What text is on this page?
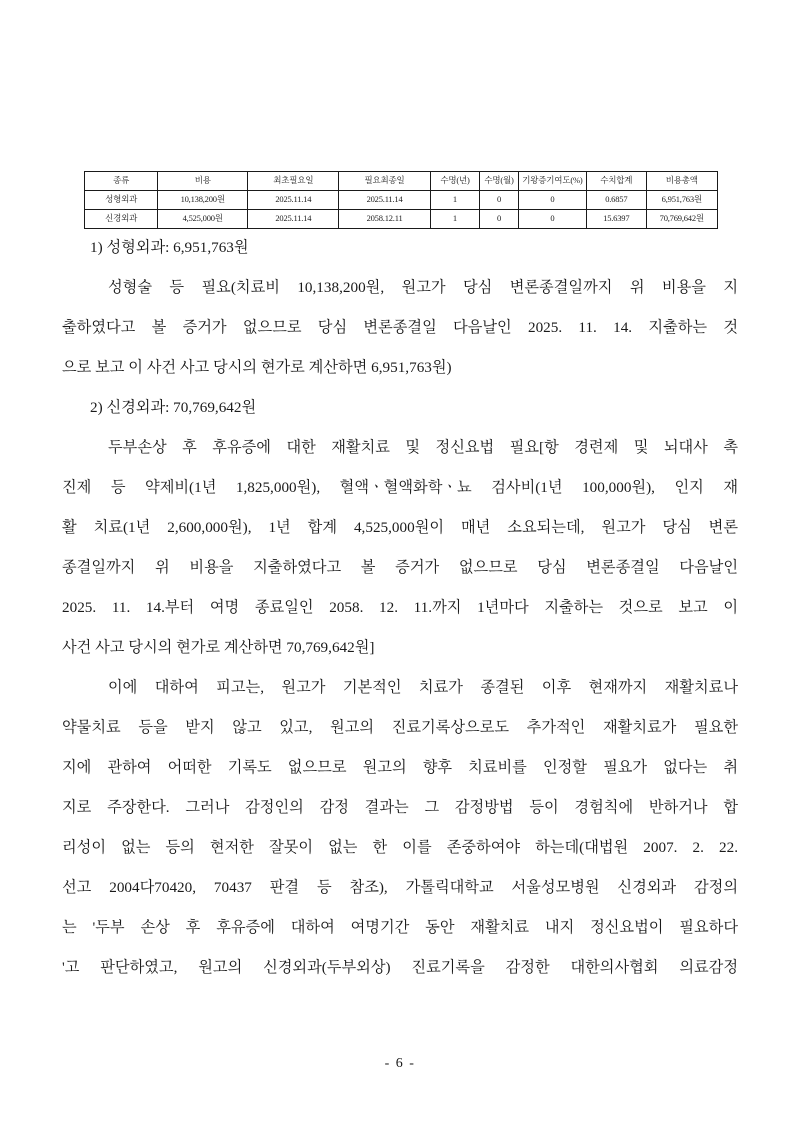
종류	비용	최초필요일	필요최종일	수명(년)	수명(월)	기왕증기여도(%)	수치합계	비용총액
성형외과	10,138,200원	2025.11.14	2025.11.14	1	0	0	0.6857	6,951,763원
신경외과	4,525,000원	2025.11.14	2058.12.11	1	0	0	15.6397	70,769,642원

1) 성형외과: 6,951,763원

성형술 등 필요(치료비 10,138,200원, 원고가 당심 변론종결일까지 위 비용을 지

출하였다고 볼 증거가 없으므로 당심 변론종결일 다음날인 2025. 11. 14. 지출하는 것

으로 보고 이 사건 사고 당시의 현가로 계산하면 6,951,763원)

2) 신경외과: 70,769,642원

두부손상 후 후유증에 대한 재활치료 및 정신요법 필요[항 경련제 및 뇌대사 촉

진제 등 약제비(1년 1,825,000원), 혈액ㆍ혈액화학ㆍ뇨 검사비(1년 100,000원), 인지 재

활 치료(1년 2,600,000원), 1년 합계 4,525,000원이 매년 소요되는데, 원고가 당심 변론

종결일까지 위 비용을 지출하였다고 볼 증거가 없으므로 당심 변론종결일 다음날인

2025. 11. 14.부터 여명 종료일인 2058. 12. 11.까지 1년마다 지출하는 것으로 보고 이

사건 사고 당시의 현가로 계산하면 70,769,642원]

이에 대하여 피고는, 원고가 기본적인 치료가 종결된 이후 현재까지 재활치료나

약물치료 등을 받지 않고 있고, 원고의 진료기록상으로도 추가적인 재활치료가 필요한

지에 관하여 어떠한 기록도 없으므로 원고의 향후 치료비를 인정할 필요가 없다는 취

지로 주장한다. 그러나 감정인의 감정 결과는 그 감정방법 등이 경험칙에 반하거나 합

리성이 없는 등의 현저한 잘못이 없는 한 이를 존중하여야 하는데(대법원 2007. 2. 22.

선고 2004다70420, 70437 판결 등 참조), 가톨릭대학교 서울성모병원 신경외과 감정의

는 '두부 손상 후 후유증에 대하여 여명기간 동안 재활치료 내지 정신요법이 필요하다

'고 판단하였고, 원고의 신경외과(두부외상) 진료기록을 감정한 대한의사협회 의료감정

- 6 -
